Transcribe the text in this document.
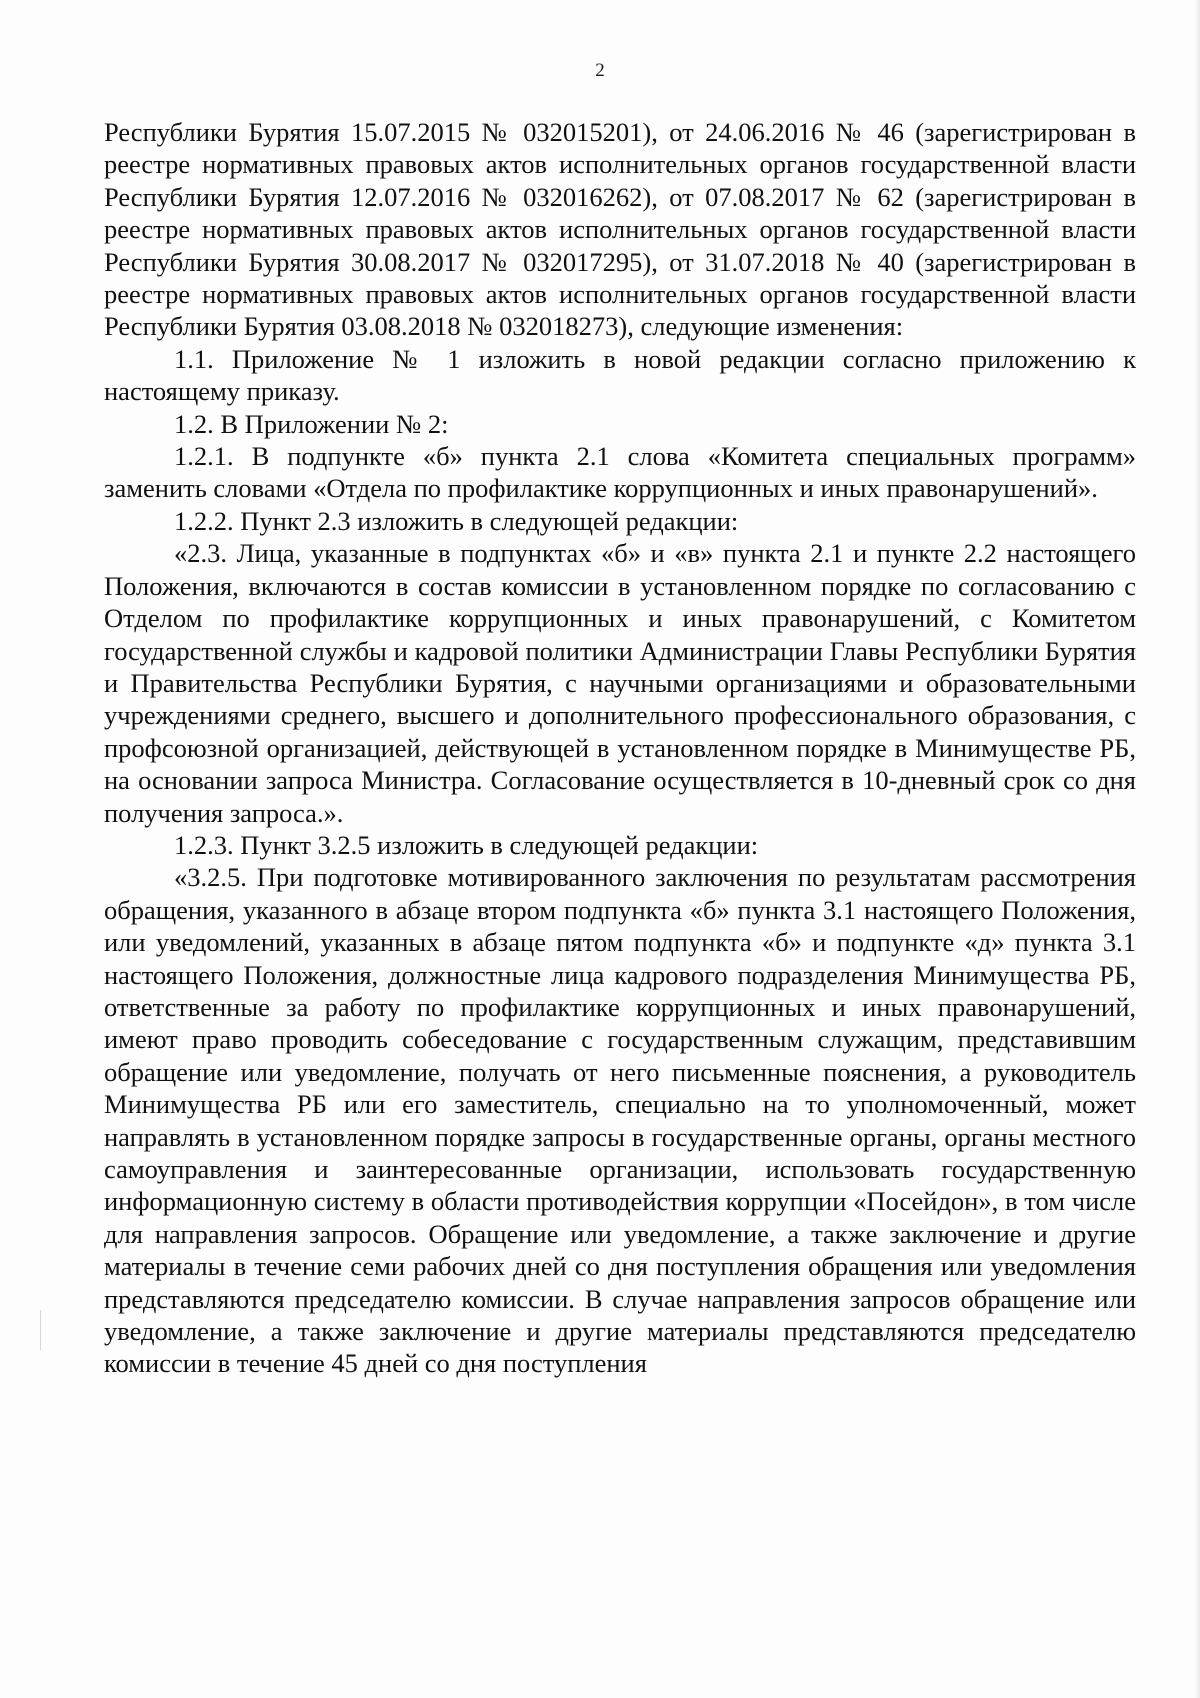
2

Республики Бурятия 15.07.2015 № 032015201), от 24.06.2016 № 46 (зарегистрирован в реестре нормативных правовых актов исполнительных органов государственной власти Республики Бурятия 12.07.2016 № 032016262), от 07.08.2017 № 62 (зарегистрирован в реестре нормативных правовых актов исполнительных органов государственной власти Республики Бурятия 30.08.2017 № 032017295), от 31.07.2018 № 40 (зарегистрирован в реестре нормативных правовых актов исполнительных органов государственной власти Республики Бурятия 03.08.2018 № 032018273), следующие изменения:

1.1. Приложение № 1 изложить в новой редакции согласно приложению к настоящему приказу.

1.2. В Приложении № 2:

1.2.1. В подпункте «б» пункта 2.1 слова «Комитета специальных программ» заменить словами «Отдела по профилактике коррупционных и иных правонарушений».

1.2.2. Пункт 2.3 изложить в следующей редакции:

«2.3. Лица, указанные в подпунктах «б» и «в» пункта 2.1 и пункте 2.2 настоящего Положения, включаются в состав комиссии в установленном порядке по согласованию с Отделом по профилактике коррупционных и иных правонарушений, с Комитетом государственной службы и кадровой политики Администрации Главы Республики Бурятия и Правительства Республики Бурятия, с научными организациями и образовательными учреждениями среднего, высшего и дополнительного профессионального образования, с профсоюзной организацией, действующей в установленном порядке в Минимуществе РБ, на основании запроса Министра. Согласование осуществляется в 10-дневный срок со дня получения запроса.».

1.2.3. Пункт 3.2.5 изложить в следующей редакции:

«3.2.5. При подготовке мотивированного заключения по результатам рассмотрения обращения, указанного в абзаце втором подпункта «б» пункта 3.1 настоящего Положения, или уведомлений, указанных в абзаце пятом подпункта «б» и подпункте «д» пункта 3.1 настоящего Положения, должностные лица кадрового подразделения Минимущества РБ, ответственные за работу по профилактике коррупционных и иных правонарушений, имеют право проводить собеседование с государственным служащим, представившим обращение или уведомление, получать от него письменные пояснения, а руководитель Минимущества РБ или его заместитель, специально на то уполномоченный, может направлять в установленном порядке запросы в государственные органы, органы местного самоуправления и заинтересованные организации, использовать государственную информационную систему в области противодействия коррупции «Посейдон», в том числе для направления запросов. Обращение или уведомление, а также заключение и другие материалы в течение семи рабочих дней со дня поступления обращения или уведомления представляются председателю комиссии. В случае направления запросов обращение или уведомление, а также заключение и другие материалы представляются председателю комиссии в течение 45 дней со дня поступления
